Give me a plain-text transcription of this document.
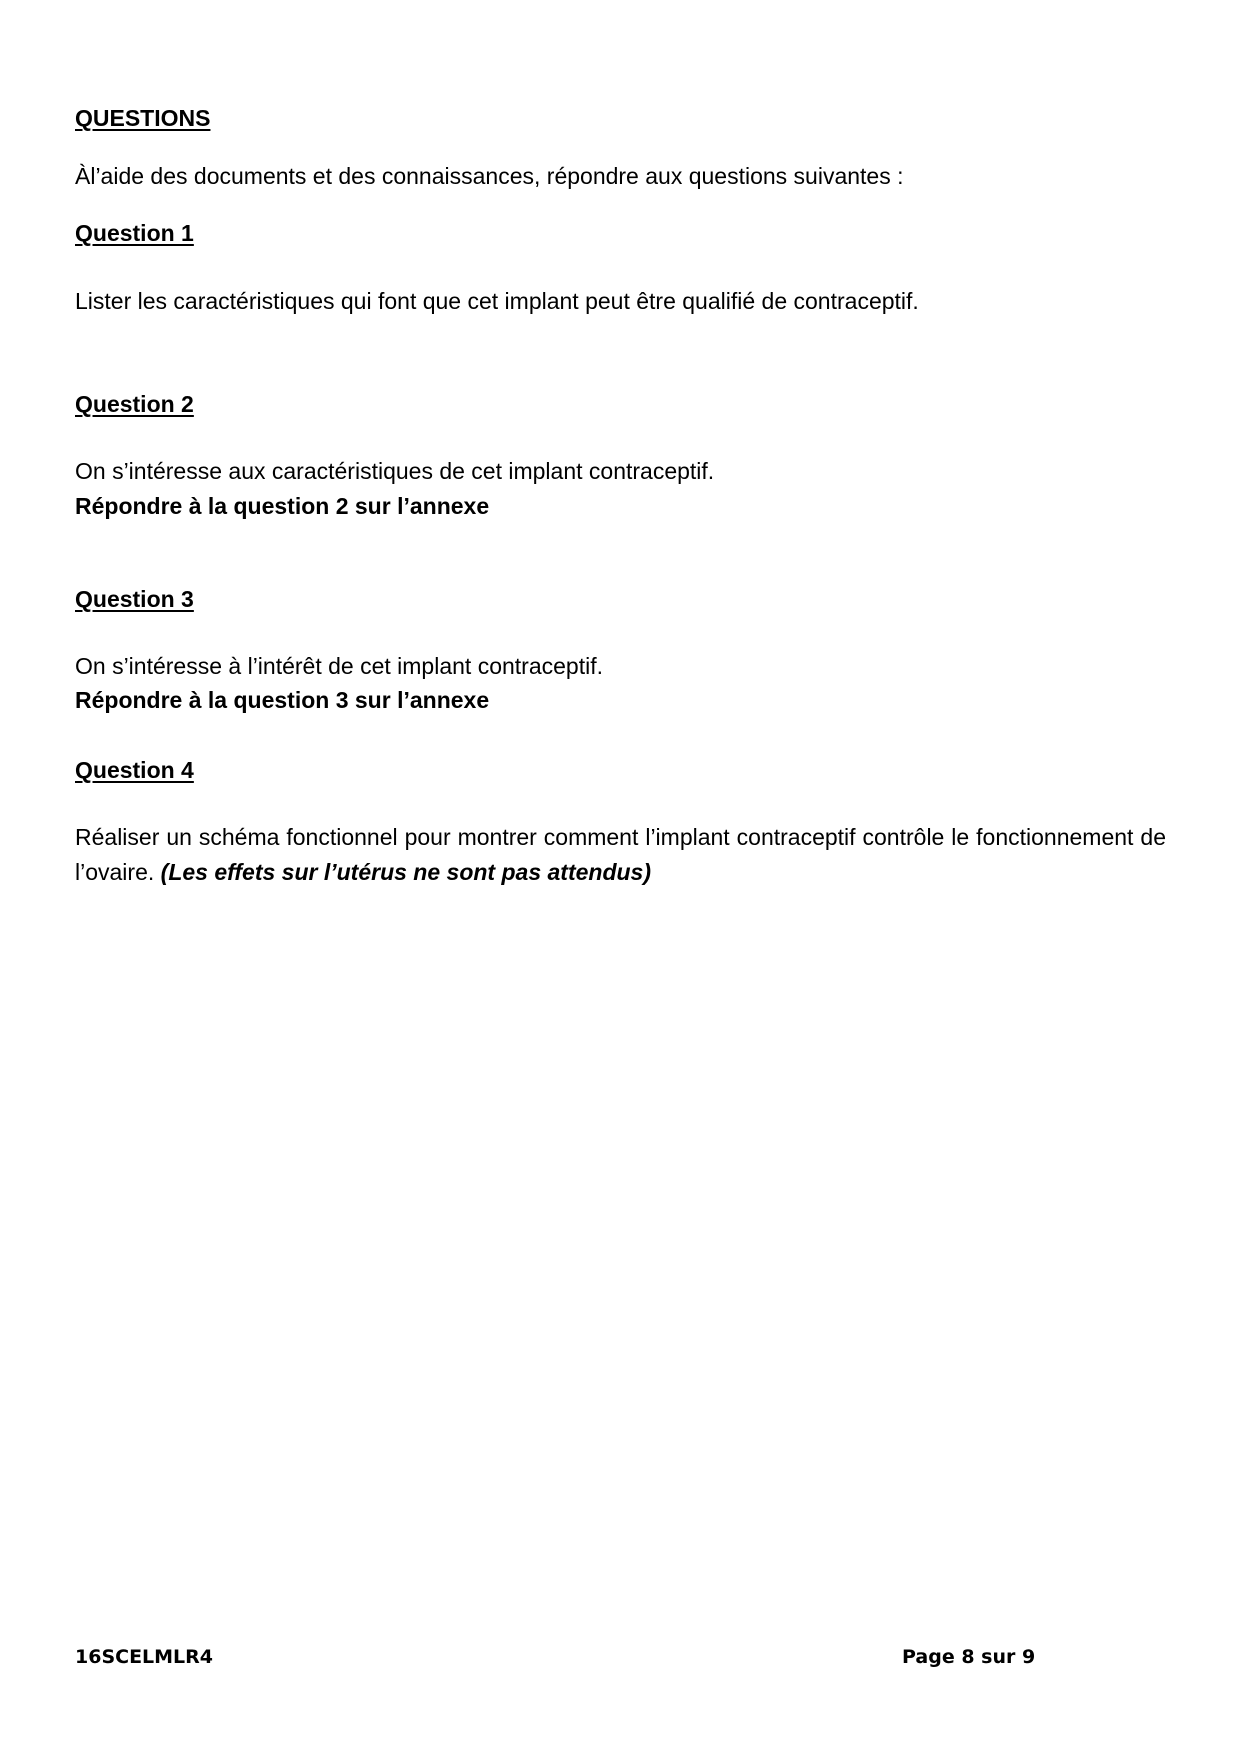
QUESTIONS
Àl’aide des documents et des connaissances, répondre aux questions suivantes :
Question 1
Lister les caractéristiques qui font que cet implant peut être qualifié de contraceptif.
Question 2
On s’intéresse aux caractéristiques de cet implant contraceptif.
Répondre à la question 2 sur l’annexe
Question 3
On s’intéresse à l’intérêt de cet implant contraceptif.
Répondre à la question 3 sur l’annexe
Question 4
Réaliser un schéma fonctionnel pour montrer comment l’implant contraceptif contrôle le fonctionnement de l’ovaire. (Les effets sur l’utérus ne sont pas attendus)
16SCELMLR4	Page 8 sur 9
